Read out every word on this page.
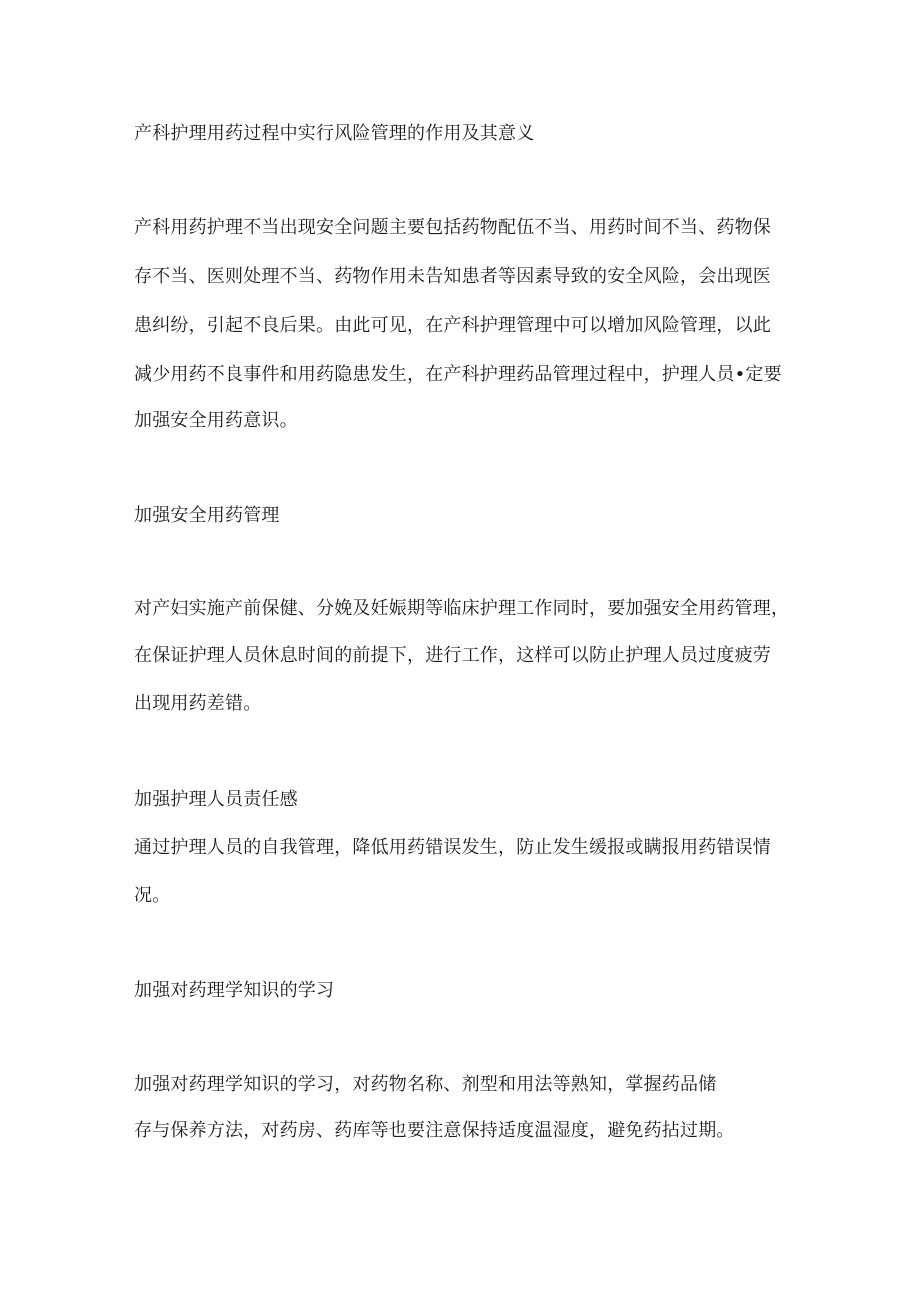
产科护理用药过程中实行风险管理的作用及其意义
产科用药护理不当出现安全问题主要包括药物配伍不当、用药时间不当、药物保
存不当、医则处理不当、药物作用未告知患者等因素导致的安全风险，会出现医
患纠纷，引起不良后果。由此可见，在产科护理管理中可以增加风险管理，以此
减少用药不良事件和用药隐患发生，在产科护理药品管理过程中，护理人员•定要
加强安全用药意识。
加强安全用药管理
对产妇实施产前保健、分娩及妊娠期等临床护理工作同时，要加强安全用药管理，
在保证护理人员休息时间的前提下，进行工作，这样可以防止护理人员过度疲劳
出现用药差错。
加强护理人员责任感
通过护理人员的自我管理，降低用药错误发生，防止发生缓报或瞒报用药错误情
况。
加强对药理学知识的学习
加强对药理学知识的学习，对药物名称、剂型和用法等熟知，掌握药品储
存与保养方法，对药房、药库等也要注意保持适度温湿度，避免药拈过期。
